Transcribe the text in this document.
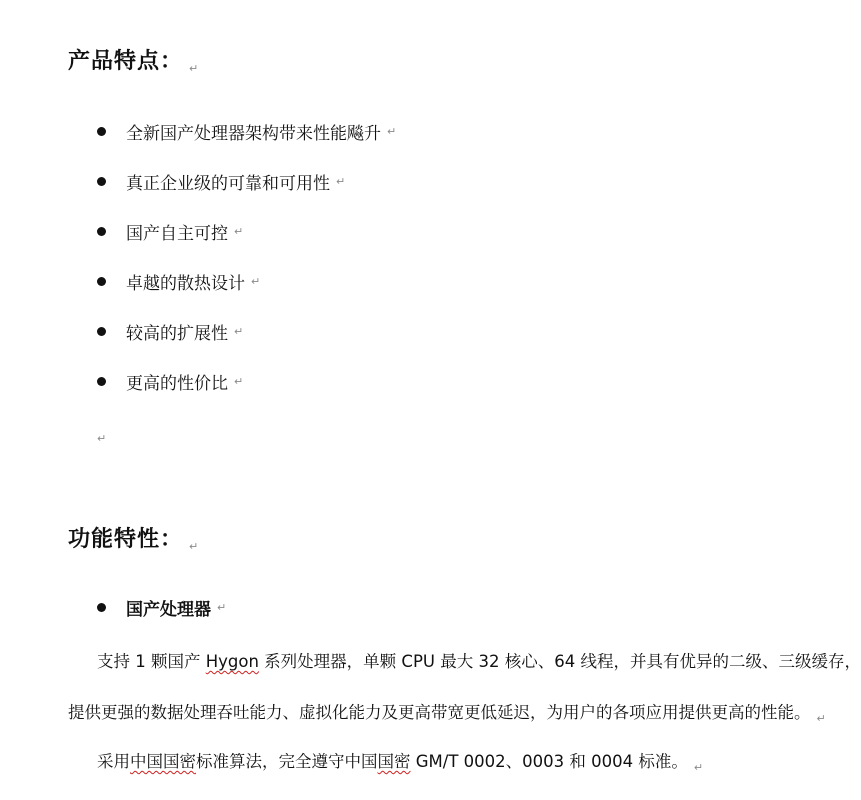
产品特点： ↵
全新国产处理器架构带来性能飚升 ↵
真正企业级的可靠和可用性 ↵
国产自主可控 ↵
卓越的散热设计 ↵
较高的扩展性 ↵
更高的性价比 ↵
↵
功能特性： ↵
国产处理器 ↵
支持 1 颗国产 Hygon 系列处理器，单颗 CPU 最大 32 核心、64 线程，并具有优异的二级、三级缓存，
提供更强的数据处理吞吐能力、虚拟化能力及更高带宽更低延迟，为用户的各项应用提供更高的性能。 $_↵$
采用中国国密标准算法，完全遵守中国国密 GM/T 0002、0003 和 0004 标准。 $_↵$
